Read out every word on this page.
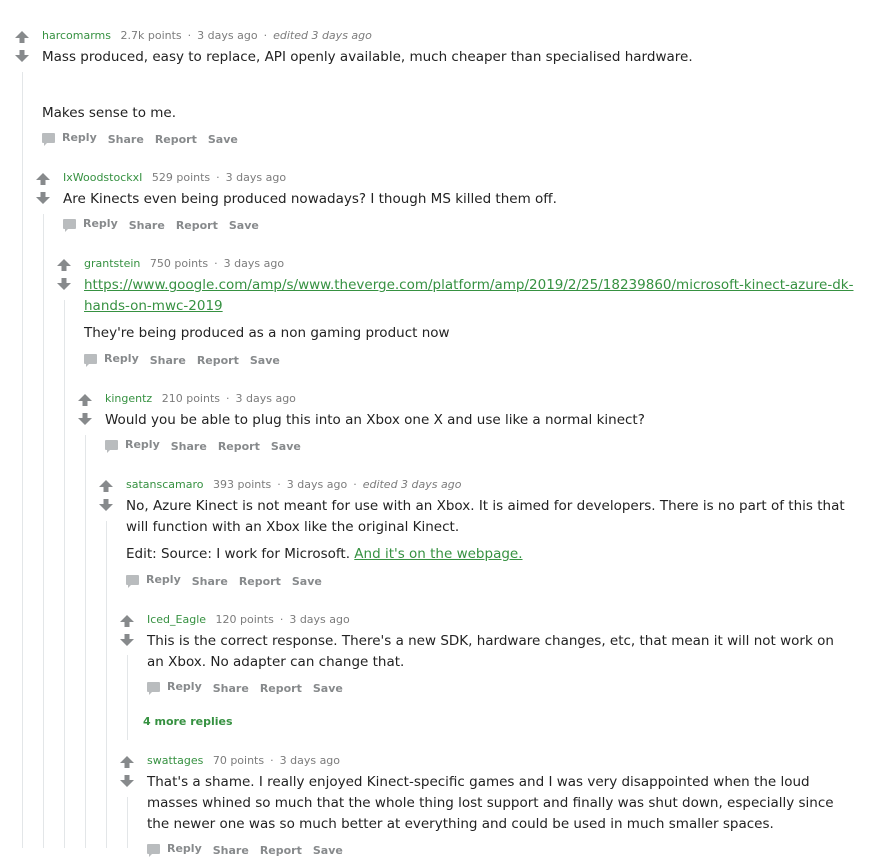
harcomarms 2.7k points · 3 days ago · edited 3 days ago

Mass produced, easy to replace, API openly available, much cheaper than specialised hardware.

Makes sense to me.

Reply Share Report Save
IxWoodstockxI 529 points · 3 days ago

Are Kinects even being produced nowadays? I though MS killed them off.

Reply Share Report Save
grantstein 750 points · 3 days ago

https://www.google.com/amp/s/www.theverge.com/platform/amp/2019/2/25/18239860/microsoft-kinect-azure-dk-hands-on-mwc-2019

They're being produced as a non gaming product now

Reply Share Report Save
kingentz 210 points · 3 days ago

Would you be able to plug this into an Xbox one X and use like a normal kinect?

Reply Share Report Save
satanscamaro 393 points · 3 days ago · edited 3 days ago

No, Azure Kinect is not meant for use with an Xbox. It is aimed for developers. There is no part of this that will function with an Xbox like the original Kinect.

Edit: Source: I work for Microsoft. And it's on the webpage.

Reply Share Report Save
Iced_Eagle 120 points · 3 days ago

This is the correct response. There's a new SDK, hardware changes, etc, that mean it will not work on an Xbox. No adapter can change that.

Reply Share Report Save
4 more replies
swattages 70 points · 3 days ago

That's a shame. I really enjoyed Kinect-specific games and I was very disappointed when the loud masses whined so much that the whole thing lost support and finally was shut down, especially since the newer one was so much better at everything and could be used in much smaller spaces.

Reply Share Report Save
